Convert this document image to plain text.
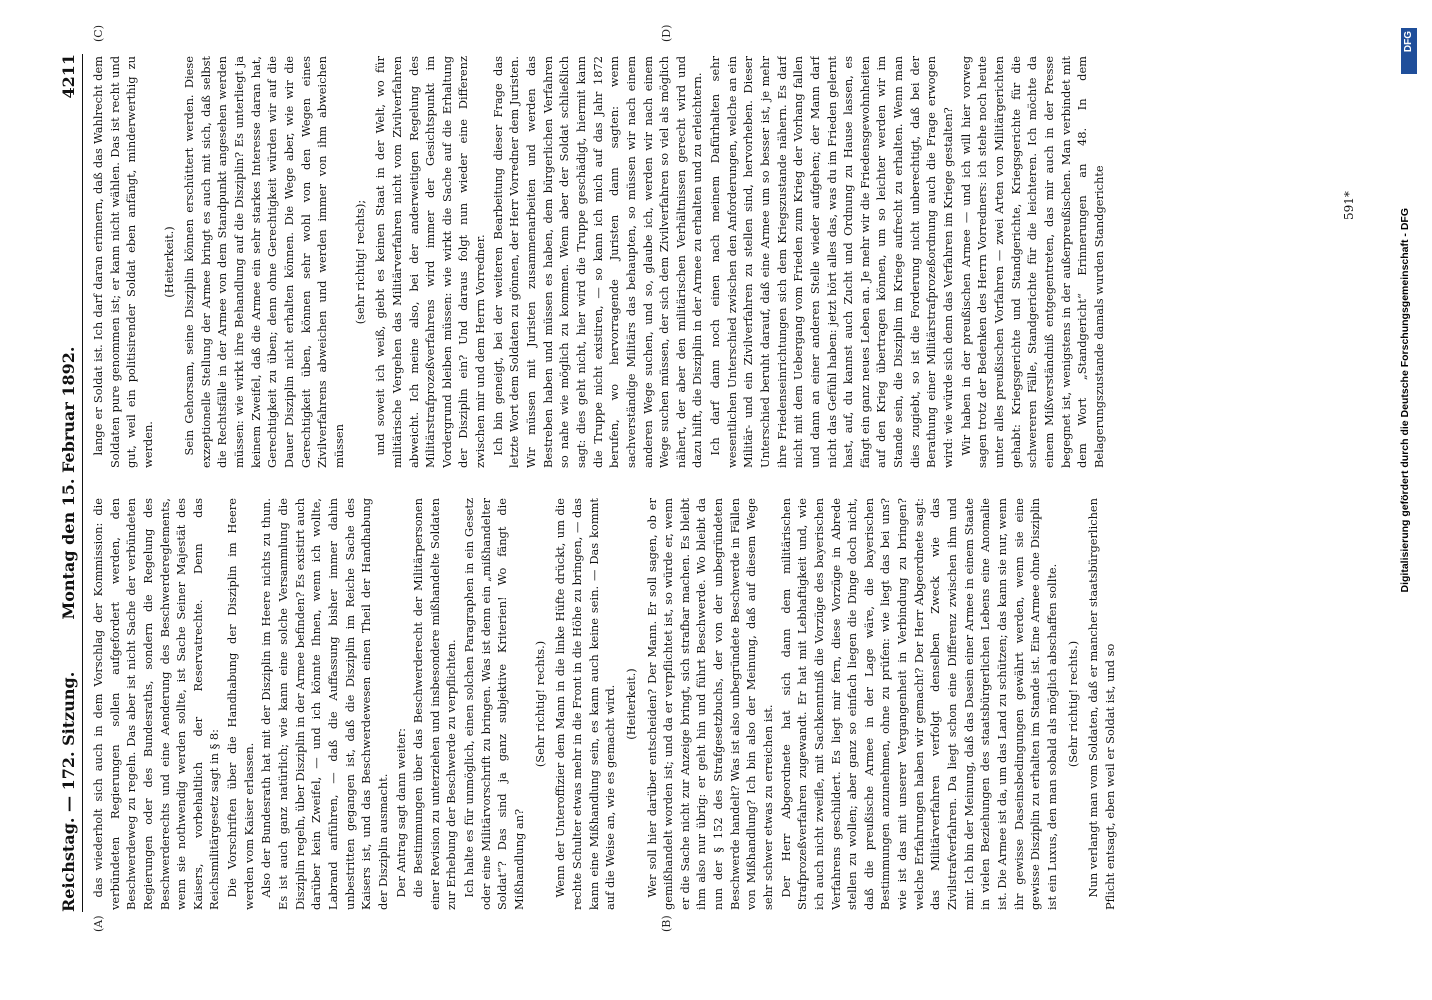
Reichstag. — 172. Sitzung.
Montag den 15. Februar 1892.
4211
(A)	(B)
(C)	(D)

das wiederholt sich auch in dem Vorschlag der Kommission: die verbündeten Regierungen sollen aufgefordert werden, den Beschwerdeweg zu regeln. Das aber ist nicht Sache der verbündeten Regierungen oder des Bundesraths, sondern die Regelung des Beschwerderechts und eine Aenderung des Beschwerdereglements, wenn sie nothwendig werden sollte, ist Sache Seiner Majestät des Kaisers, vorbehaltlich der Reservatrechte. Denn das Reichsmilitärgesetz sagt in § 8: Die Vorschriften über die Handhabung der Disziplin im Heere werden vom Kaiser erlassen. Also der Bundesrath hat mit der Disziplin im Heere nichts zu thun. Es ist auch ganz natürlich; wie kann eine solche Versammlung die Disziplin regeln, über Disziplin in der Armee befinden? Es existirt auch darüber kein Zweifel, — und ich könnte Ihnen, wenn ich wollte, Labrand anführen, — daß die Auffassung bisher immer dahin unbestritten gegangen ist, daß die Disziplin im Reiche Sache des Kaisers ist, und das Beschwerdewesen einen Theil der Handhabung der Disziplin ausmacht. Der Antrag sagt dann weiter: die Bestimmungen über das Beschwerderecht der Militärpersonen einer Revision zu unterziehen und insbesondere mißhandelte Soldaten zur Erhebung der Beschwerde zu verpflichten. Ich halte es für unmöglich, einen solchen Paragraphen in ein Gesetz oder eine Militärvorschrift zu bringen. Was ist denn ein „mißhandelter Soldat“? Das sind ja ganz subjektive Kriterien! Wo fängt die Mißhandlung an?

(Sehr richtig! rechts.) Wenn der Unteroffizier dem Mann in die linke Hüfte drückt, um die rechte Schulter etwas mehr in die Front in die Höhe zu bringen, — das kann eine Mißhandlung sein, es kann auch keine sein. — Das kommt auf die Weise an, wie es gemacht wird. (Heiterkeit.) Wer soll hier darüber entscheiden? Der Mann. Er soll sagen, ob er gemißhandelt worden ist; und da er verpflichtet ist, so würde er, wenn er die Sache nicht zur Anzeige bringt, sich strafbar machen. Es bleibt ihm also nur übrig: er geht hin und führt Beschwerde. Wo bleibt da nun der § 152 des Strafgesetzbuchs, der von der unbegründeten Beschwerde handelt? Was ist also unbegründete Beschwerde in Fällen von Mißhandlung? Ich bin also der Meinung, daß auf diesem Wege sehr schwer etwas zu erreichen ist. Der Herr Abgeordnete hat sich dann dem militärischen Strafprozeßverfahren zugewandt. Er hat mit Lebhaftigkeit und, wie ich auch nicht zweifle, mit Sachkenntniß die Vorzüge des bayerischen Verfahrens geschildert. Es liegt mir fern, diese Vorzüge in Abrede stellen zu wollen; aber ganz so einfach liegen die Dinge doch nicht, daß die preußische Armee in der Lage wäre, die bayerischen Bestimmungen anzunehmen, ohne zu prüfen: wie liegt das bei uns? wie ist das mit unserer Vergangenheit in Verbindung zu bringen? welche Erfahrungen haben wir gemacht? Der Herr Abgeordnete sagt: das Militärverfahren verfolgt denselben Zweck wie das Zivilstrafverfahren. Da liegt schon eine Differenz zwischen ihm und mir. Ich bin der Meinung, daß das Dasein einer Armee in einem Staate in vielen Beziehungen des staatsbürgerlichen Lebens eine Anomalie ist. Die Armee ist da, um das Land zu schützen; das kann sie nur, wenn ihr gewisse Daseinsbedingungen gewährt werden, wenn sie eine gewisse Disziplin zu erhalten im Stande ist. Eine Armee ohne Disziplin ist ein Luxus, den man sobald als möglich abschaffen sollte. (Sehr richtig! rechts.) Nun verlangt man vom Soldaten, daß er mancher staatsbürgerlichen Pflicht entsagt, eben weil er Soldat ist, und so

lange er Soldat ist. Ich darf daran erinnern, daß das Wahlrecht dem Soldaten pure genommen ist; er kann nicht wählen. Das ist recht und gut, weil ein politisirender Soldat eben anfängt, minderwerthig zu werden.

(Heiterkeit.) Sein Gehorsam, seine Disziplin können erschüttert werden. Diese exzeptionelle Stellung der Armee bringt es auch mit sich, daß selbst die Rechtsfälle in der Armee von dem Standpunkt angesehen werden müssen: wie wirkt ihre Behandlung auf die Disziplin? Es unterliegt ja keinem Zweifel, daß die Armee ein sehr starkes Interesse daran hat, Gerechtigkeit zu üben; denn ohne Gerechtigkeit würden wir auf die Dauer Disziplin nicht erhalten können. Die Wege aber, wie wir die Gerechtigkeit üben, können sehr wohl von den Wegen eines Zivilverfahrens abweichen und werden immer von ihm abweichen müssen

(sehr richtig! rechts); und soweit ich weiß, giebt es keinen Staat in der Welt, wo für militärische Vergehen das Militärverfahren nicht vom Zivilverfahren abweicht. Ich meine also, bei der anderweitigen Regelung des Militärstrafprozeßverfahrens wird immer der Gesichtspunkt im Vordergrund bleiben müssen: wie wirkt die Sache auf die Erhaltung der Disziplin ein? Und daraus folgt nun wieder eine Differenz zwischen mir und dem Herrn Vorredner. Ich bin geneigt, bei der weiteren Bearbeitung dieser Frage das letzte Wort dem Soldaten zu gönnen, der Herr Vorredner dem Juristen. Wir müssen mit Juristen zusammenarbeiten und werden das Bestreben haben und müssen es haben, dem bürgerlichen Verfahren so nahe wie möglich zu kommen. Wenn aber der Soldat schließlich sagt: dies geht nicht, hier wird die Truppe geschädigt, hiermit kann die Truppe nicht existiren, — so kann ich mich auf das Jahr 1872 berufen, wo hervorragende Juristen dann sagten: wenn sachverständige Militärs das behaupten, so müssen wir nach einem anderen Wege suchen, und so, glaube ich, werden wir nach einem Wege suchen müssen, der sich dem Zivilverfahren so viel als möglich nähert, der aber den militärischen Verhältnissen gerecht wird und dazu hilft, die Disziplin in der Armee zu erhalten und zu erleichtern. Ich darf dann noch einen nach meinem Dafürhalten sehr wesentlichen Unterschied zwischen den Anforderungen, welche an ein Militär- und ein Zivilverfahren zu stellen sind, hervorheben. Dieser Unterschied beruht darauf, daß eine Armee um so besser ist, je mehr ihre Friedenseinrichtungen sich dem Kriegszustande nähern. Es darf nicht mit dem Uebergang vom Frieden zum Krieg der Vorhang fallen und dann an einer anderen Stelle wieder aufgehen; der Mann darf nicht das Gefühl haben: jetzt hört alles das, was du im Frieden gelernt hast, auf, du kannst auch Zucht und Ordnung zu Hause lassen, es fängt ein ganz neues Leben an. Je mehr wir die Friedensgewohnheiten auf den Krieg übertragen können, um so leichter werden wir im Stande sein, die Disziplin im Kriege aufrecht zu erhalten. Wenn man dies zugiebt, so ist die Forderung nicht unberechtigt, daß bei der Berathung einer Militärstrafprozeßordnung auch die Frage erwogen wird: wie würde sich denn das Verfahren im Kriege gestalten? Wir haben in der preußischen Armee — und ich will hier vorweg sagen trotz der Bedenken des Herrn Vorredners: ich stehe noch heute unter alles preußischen Vorfahren — zwei Arten von Militärgerichten gehabt: Kriegsgerichte und Standgerichte, Kriegsgerichte für die schwereren Fälle, Standgerichte für die leichteren. Ich möchte da einem Mißverständniß entgegentreten, das mir auch in der Presse begegnet ist, wenigstens in der außerpreußischen. Man verbindet mit dem Wort „Standgericht“ Erinnerungen an 48. In dem Belagerungszustande damals wurden Standgerichte	591*
DFG
Digitalisierung gefördert durch die Deutsche Forschungsgemeinschaft - DFG
